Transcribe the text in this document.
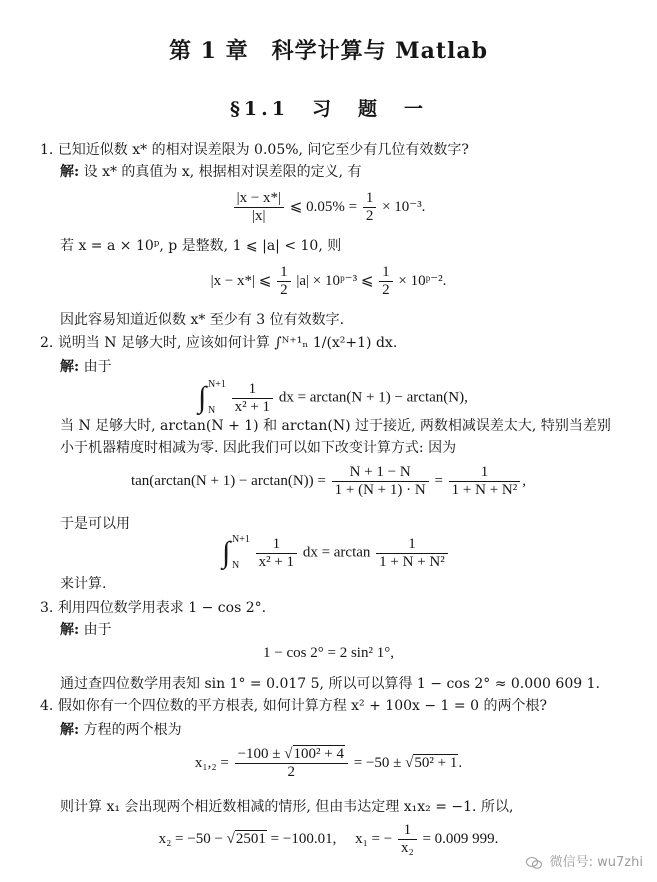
第 1 章　科学计算与 Matlab
§1.1　习　题　一
1. 已知近似数 x* 的相对误差限为 0.05%, 问它至少有几位有效数字?
解: 设 x* 的真值为 x, 根据相对误差限的定义, 有
$\frac{|x - x*|}{|x|}$ ⩽ $0.05\% = \frac{1}{2} \times 10^{-3}$.
若 x = a × 10ᵖ, p 是整数, 1 ⩽ |a| < 10, 则
|x − x*| ⩽ $\frac{1}{2} |a|$ × 10ᵖ⁻³ ⩽ $\frac{1}{2}$ × 10ᵖ⁻².
因此容易知道近似数 x* 至少有 3 位有效数字.
2. 说明当 N 足够大时, 应该如何计算 ∫ᴺ⁺¹ₙ 1/(x²+1) dx.
解: 由于
∫ N+1
N
	$\frac{1}{\text{x² + 1}}$ dx = arctan(N + 1) − arctan(N),
当 N 足够大时, arctan(N + 1) 和 arctan(N) 过于接近, 两数相减误差太大, 特别当差别
小于机器精度时相减为零. 因此我们可以如下改变计算方式: 因为
$\tan(\arctan(N + 1) - \arctan(N)) = \frac{N + 1 - N}{1 + (N + 1) \cdot N} = \frac{1}{\text{1 + N + N²}}$ ,
于是可以用
∫ N+1
N
	$\frac{1}{\text{x² + 1}}$ dx = $\arctan \frac{1}{\text{1 + N + N²}}$
来计算.
3. 利用四位数学用表求 1 − cos 2°.
解: 由于
1 − cos 2° = 2 sin² 1°,
通过查四位数学用表知 sin 1° = 0.017 5, 所以可以算得 1 − cos 2° ≈ 0.000 609 1.
4. 假如你有一个四位数的平方根表, 如何计算方程 x² + 100x − 1 = 0 的两个根?
解: 方程的两个根为
$x_1,_2 = \frac{\text{−100 ± √100² + 4}}{2} = -50 \pm √50^2 + 1$.
则计算 x₁ 会出现两个相近数相减的情形, 但由韦达定理 x₁x₂ = −1. 所以,
x₂ = −50 − √2501 = −100.01,　 x₁ = − $\frac{1}{\text{x₂}} = 0.009$ 999.
微信号: wu7zhi
